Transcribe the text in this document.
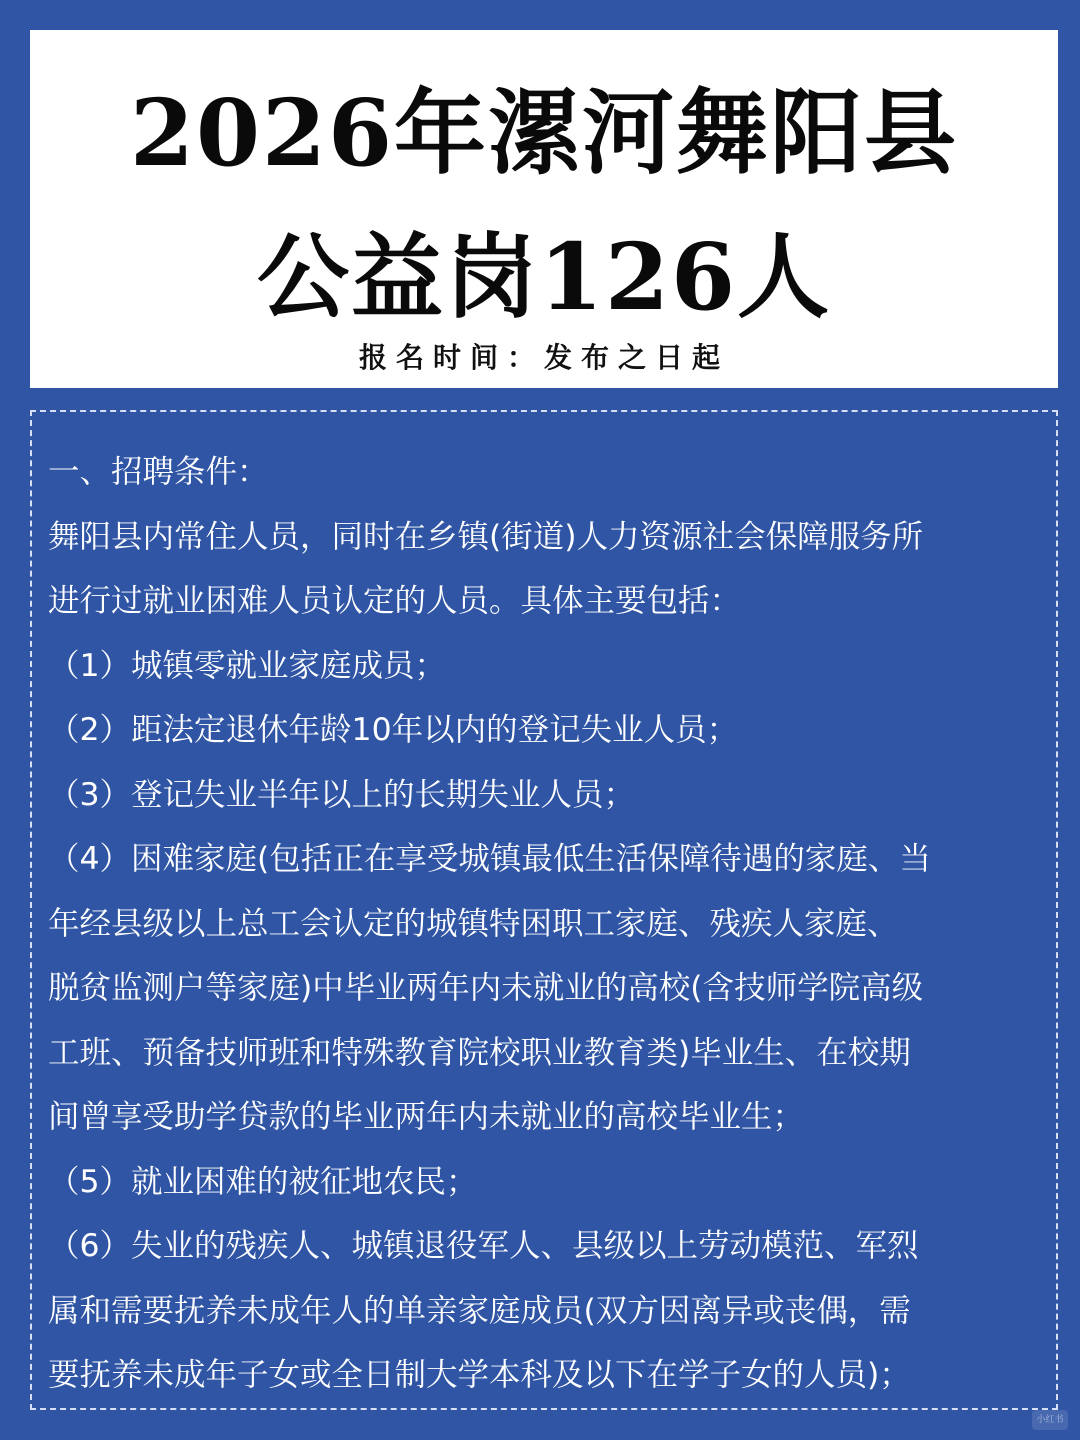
2026年漯河舞阳县
公益岗126人
报名时间：发布之日起
一、招聘条件：
舞阳县内常住人员，同时在乡镇(街道)人力资源社会保障服务所
进行过就业困难人员认定的人员。具体主要包括：
（1）城镇零就业家庭成员；
（2）距法定退休年龄10年以内的登记失业人员；
（3）登记失业半年以上的长期失业人员；
（4）困难家庭(包括正在享受城镇最低生活保障待遇的家庭、当
年经县级以上总工会认定的城镇特困职工家庭、残疾人家庭、
脱贫监测户等家庭)中毕业两年内未就业的高校(含技师学院高级
工班、预备技师班和特殊教育院校职业教育类)毕业生、在校期
间曾享受助学贷款的毕业两年内未就业的高校毕业生；
（5）就业困难的被征地农民；
（6）失业的残疾人、城镇退役军人、县级以上劳动模范、军烈
属和需要抚养未成年人的单亲家庭成员(双方因离异或丧偶，需
要抚养未成年子女或全日制大学本科及以下在学子女的人员)；
小红书
